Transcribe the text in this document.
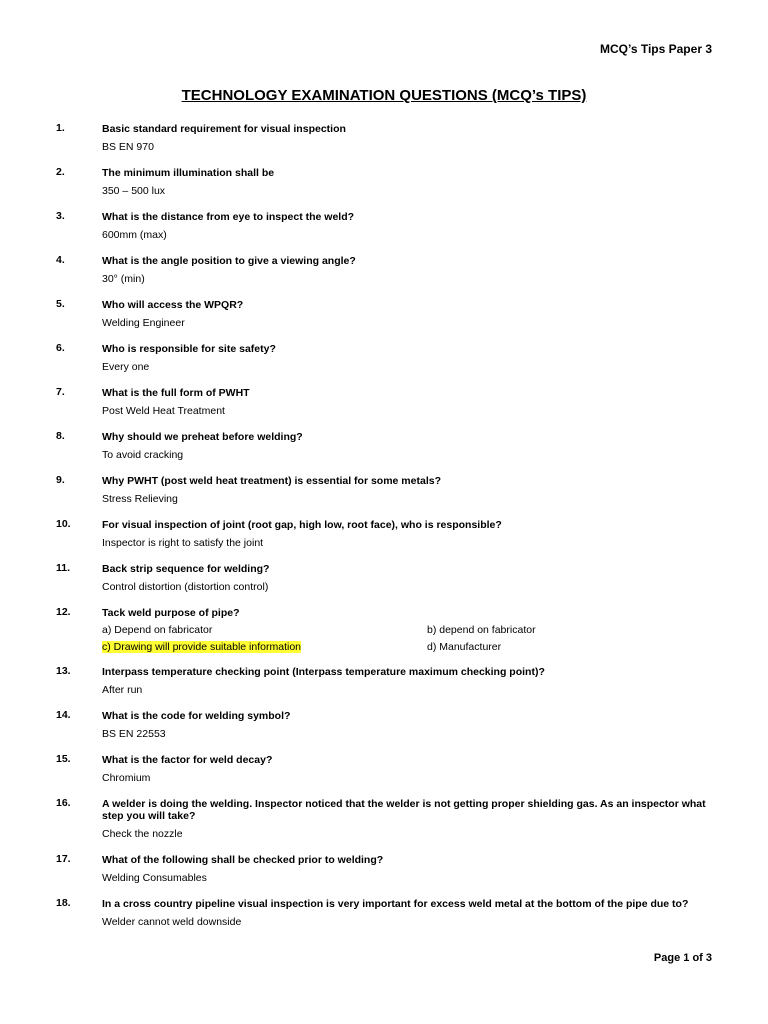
MCQ’s Tips Paper 3
TECHNOLOGY EXAMINATION QUESTIONS (MCQ’s TIPS)
1.	Basic standard requirement for visual inspection
BS EN 970
2.	The minimum illumination shall be
350 – 500 lux
3.	What is the distance from eye to inspect the weld?
600mm (max)
4.	What is the angle position to give a viewing angle?
30° (min)
5.	Who will access the WPQR?
Welding Engineer
6.	Who is responsible for site safety?
Every one
7.	What is the full form of PWHT
Post Weld Heat Treatment
8.	Why should we preheat before welding?
To avoid cracking
9.	Why PWHT (post weld heat treatment) is essential for some metals?
Stress Relieving
10.	For visual inspection of joint (root gap, high low, root face), who is responsible?
Inspector is right to satisfy the joint
11.	Back strip sequence for welding?
Control distortion (distortion control)
12.	Tack weld purpose of pipe?
a) Depend on fabricator	b) depend on fabricator
c) Drawing will provide suitable information	d) Manufacturer
13.	Interpass temperature checking point (Interpass temperature maximum checking point)?
After run
14.	What is the code for welding symbol?
BS EN 22553
15.	What is the factor for weld decay?
Chromium
16.	A welder is doing the welding. Inspector noticed that the welder is not getting proper shielding gas. As an inspector what step you will take?
Check the nozzle
17.	What of the following shall be checked prior to welding?
Welding Consumables
18.	In a cross country pipeline visual inspection is very important for excess weld metal at the bottom of the pipe due to?
Welder cannot weld downside
Page 1 of 3
